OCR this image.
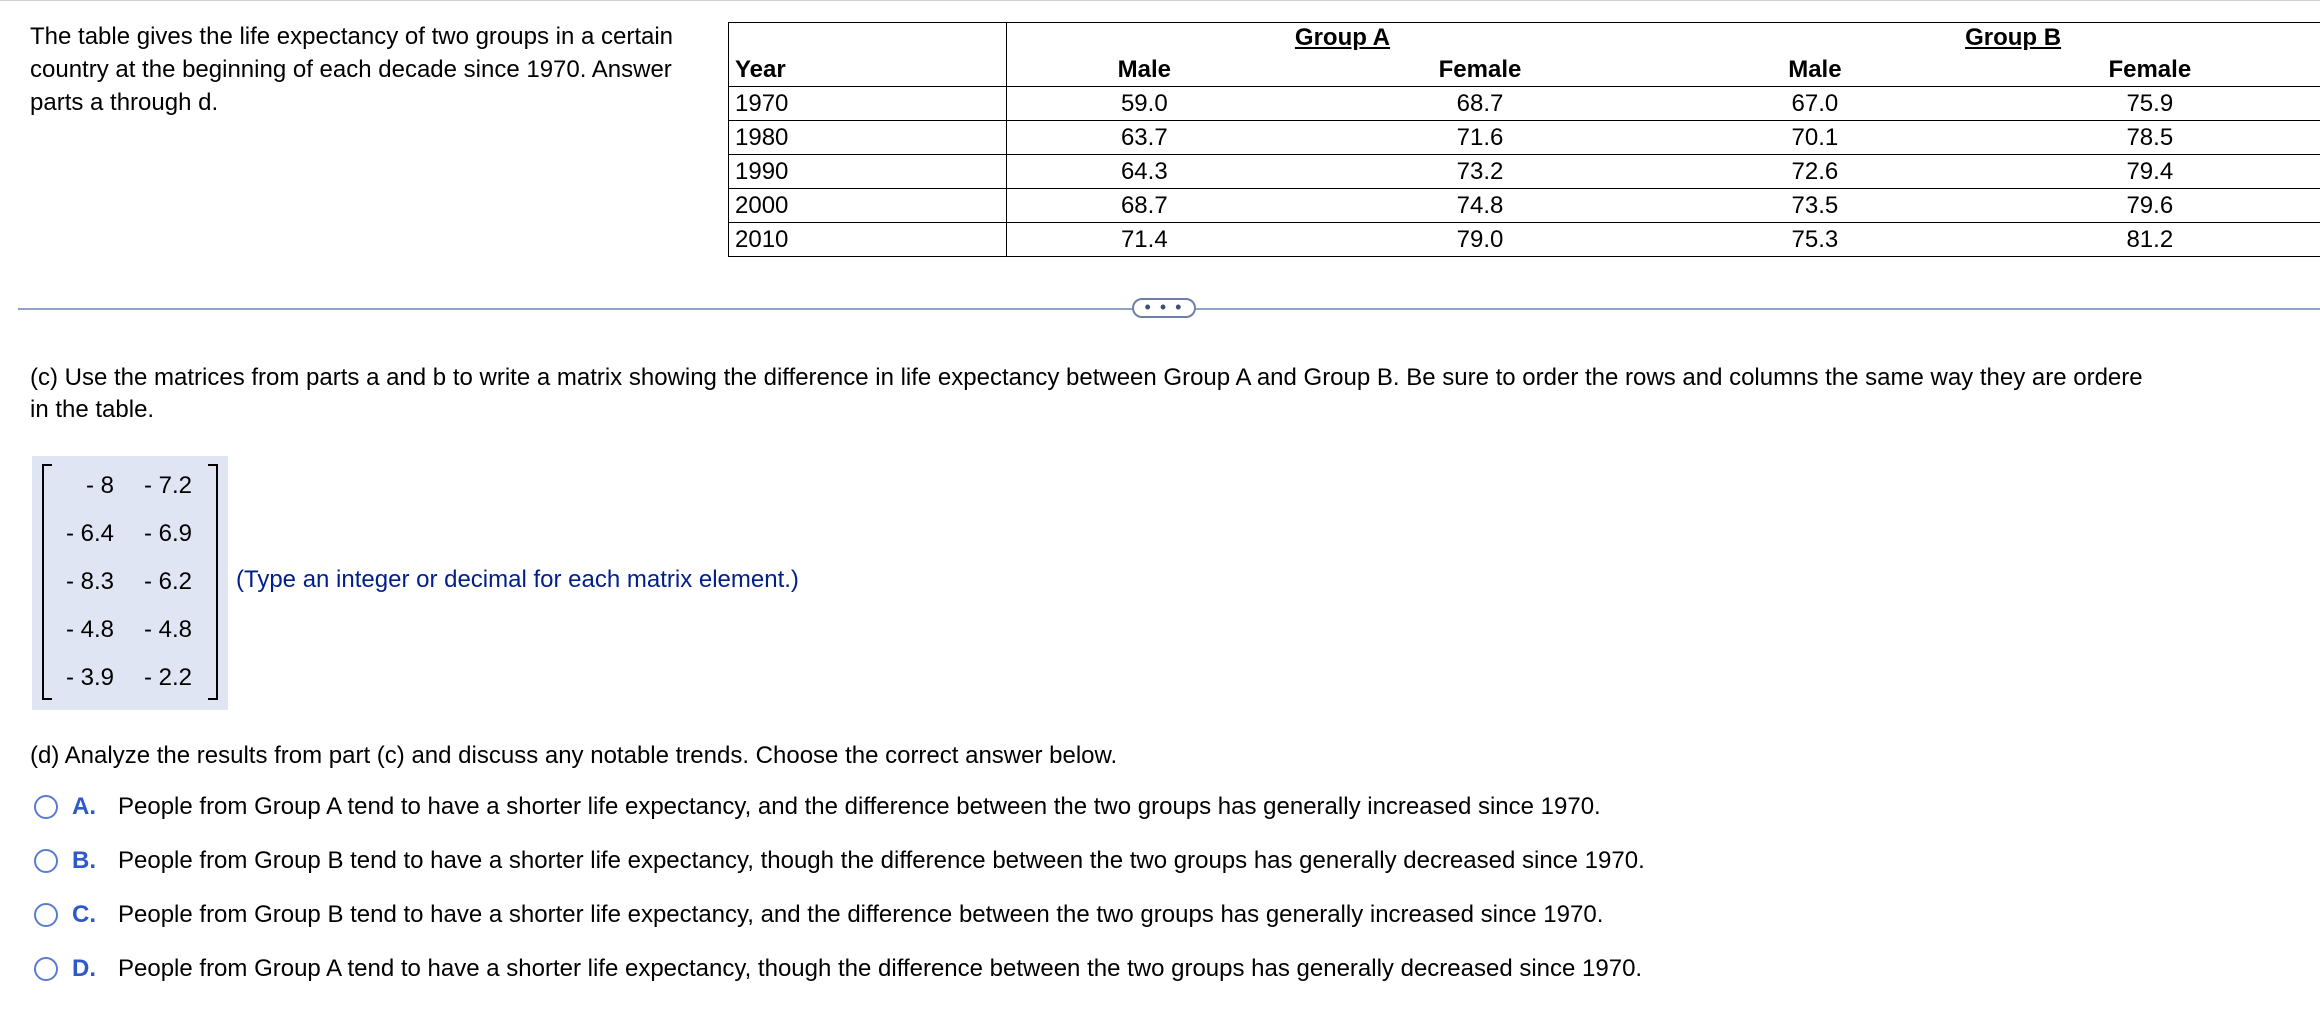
The table gives the life expectancy of two groups in a certain country at the beginning of each decade since 1970. Answer parts a through d.
	Group A		Group B	
Year	Male	Female	Male	Female
1970	59.0	68.7	67.0	75.9
1980	63.7	71.6	70.1	78.5
1990	64.3	73.2	72.6	79.4
2000	68.7	74.8	73.5	79.6
2010	71.4	79.0	75.3	81.2
• • •
(c) Use the matrices from parts a and b to write a matrix showing the difference in life expectancy between Group A and Group B. Be sure to order the rows and columns the same way they are ordere
in the table.
- 8 - 7.2
- 6.4 - 6.9
- 8.3 - 6.2
- 4.8 - 4.8
- 3.9 - 2.2
(Type an integer or decimal for each matrix element.)
(d) Analyze the results from part (c) and discuss any notable trends. Choose the correct answer below.
A. People from Group A tend to have a shorter life expectancy, and the difference between the two groups has generally increased since 1970.
B. People from Group B tend to have a shorter life expectancy, though the difference between the two groups has generally decreased since 1970.
C. People from Group B tend to have a shorter life expectancy, and the difference between the two groups has generally increased since 1970.
D. People from Group A tend to have a shorter life expectancy, though the difference between the two groups has generally decreased since 1970.
